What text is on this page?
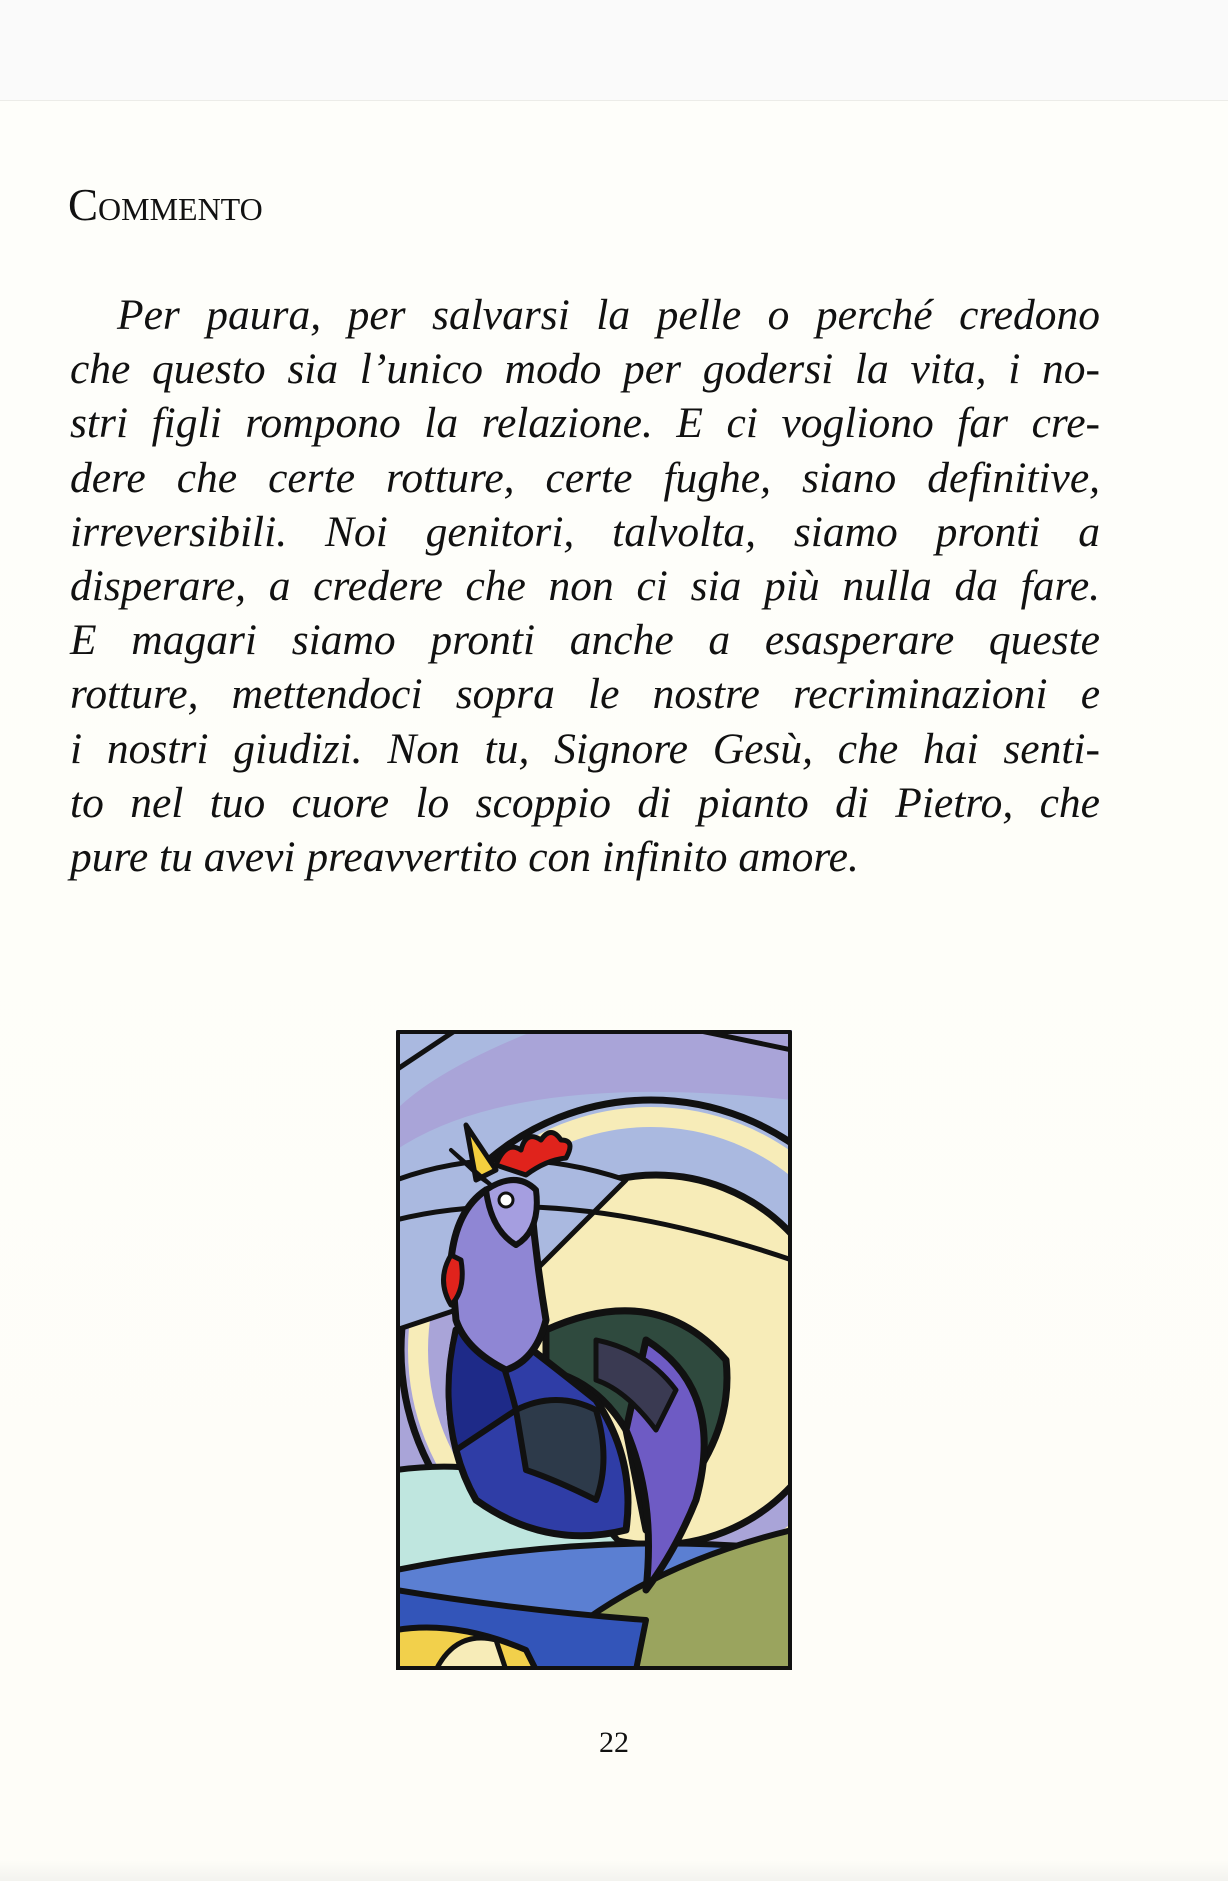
Commento

Per paura, per salvarsi la pelle o perché credono
che questo sia l’unico modo per godersi la vita, i no-
stri figli rompono la relazione. E ci vogliono far cre-
dere che certe rotture, certe fughe, siano definitive,
irreversibili. Noi genitori, talvolta, siamo pronti a
disperare, a credere che non ci sia più nulla da fare.
E magari siamo pronti anche a esasperare queste
rotture, mettendoci sopra le nostre recriminazioni e
i nostri giudizi. Non tu, Signore Gesù, che hai senti-
to nel tuo cuore lo scoppio di pianto di Pietro, che
pure tu avevi preavvertito con infinito amore.

22
